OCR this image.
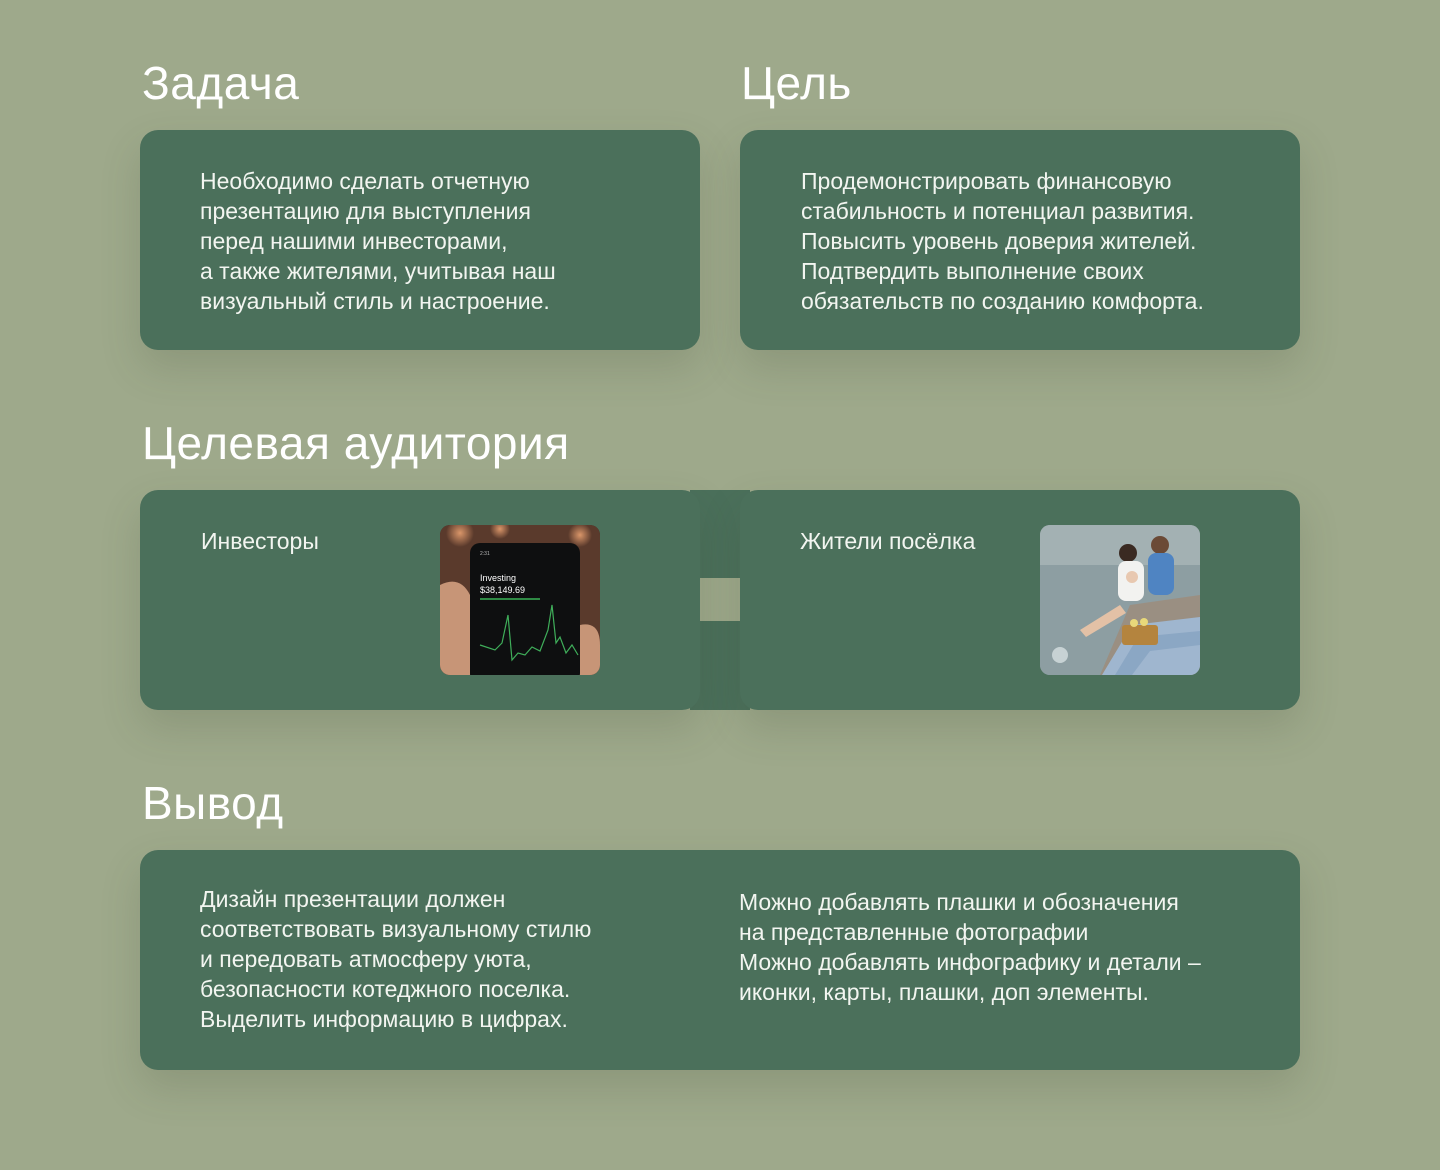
Задача

Необходимо сделать отчетную
презентацию для выступления
перед нашими инвесторами,
а также жителями, учитывая наш
визуальный стиль и настроение.

Цель

Продемонстрировать финансовую
стабильность и потенциал развития.
Повысить уровень доверия жителей.
Подтвердить выполнение своих
обязательств по созданию комфорта.

Целевая аудитория

Инвесторы	2:31
Investing
$38,149.69

Жители посёлка

Вывод

Дизайн презентации должен
соответствовать визуальному стилю
и передовать атмосферу уюта,
безопасности котеджного поселка.
Выделить информацию в цифрах.

Можно добавлять плашки и обозначения
на представленные фотографии
Можно добавлять инфографику и детали –
иконки, карты, плашки, доп элементы.
